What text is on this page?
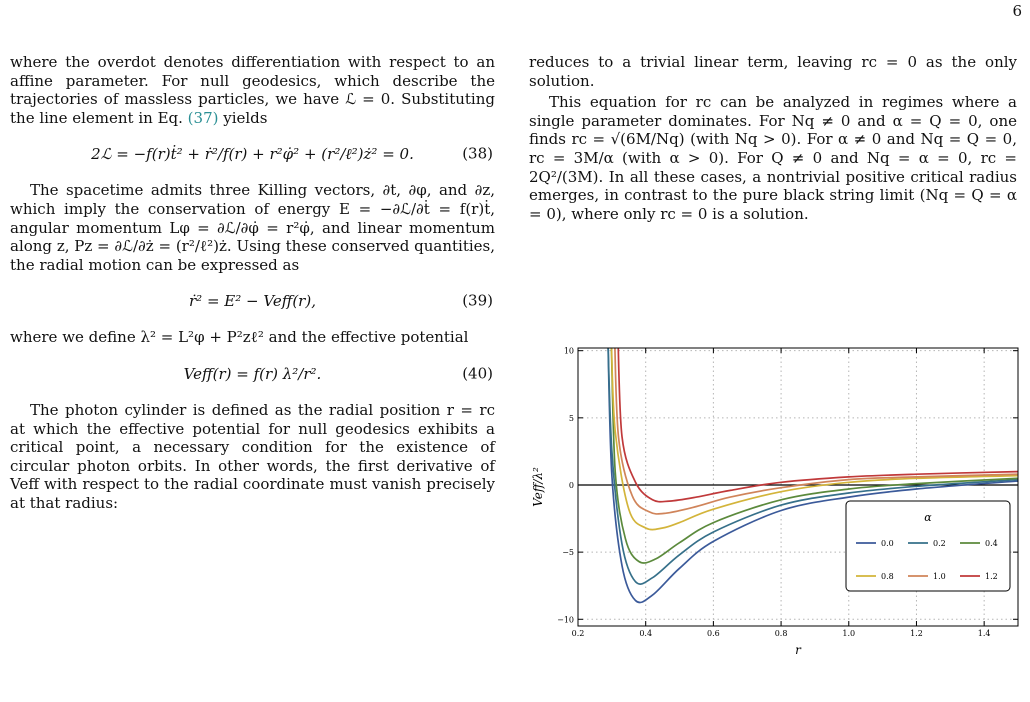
6

where the overdot denotes differentiation with respect to an affine parameter. For null geodesics, which describe the trajectories of massless particles, we have ℒ = 0. Substituting the line element in Eq. (37) yields

2ℒ = −f(r)ṫ² + ṙ²/f(r) + r²φ̇² + (r²/ℓ²)ż² = 0.	(38)

The spacetime admits three Killing vectors, ∂t, ∂φ, and ∂z, which imply the conservation of energy E = −∂ℒ/∂ṫ = f(r)ṫ, angular momentum Lφ = ∂ℒ/∂φ̇ = r²φ̇, and linear momentum along z, Pz = ∂ℒ/∂ż = (r²/ℓ²)ż. Using these conserved quantities, the radial motion can be expressed as

ṙ² = E² − Veff(r),	(39)

where we define λ² = L²φ + P²zℓ² and the effective potential

Veff(r) = f(r) λ²/r².	(40)

The photon cylinder is defined as the radial position r = rc at which the effective potential for null geodesics exhibits a critical point, a necessary condition for the existence of circular photon orbits. In other words, the first derivative of Veff with respect to the radial coordinate must vanish precisely at that radius:

reduces to a trivial linear term, leaving rc = 0 as the only solution.

This equation for rc can be analyzed in regimes where a single parameter dominates. For Nq ≠ 0 and α = Q = 0, one finds rc = √(6M/Nq) (with Nq > 0). For α ≠ 0 and Nq = Q = 0, rc = 3M/α (with α > 0). For Q ≠ 0 and Nq = α = 0, rc = 2Q²/(3M). In all these cases, a nontrivial positive critical radius emerges, in contrast to the pure black string limit (Nq = Q = α = 0), where only rc = 0 is a solution.

0.2	0.4	0.6	0.8	1.0	1.2	1.4
−10
−5
0
5
10
r
Veff/λ²
α
0.0	0.2	0.4
0.8	1.0	1.2
